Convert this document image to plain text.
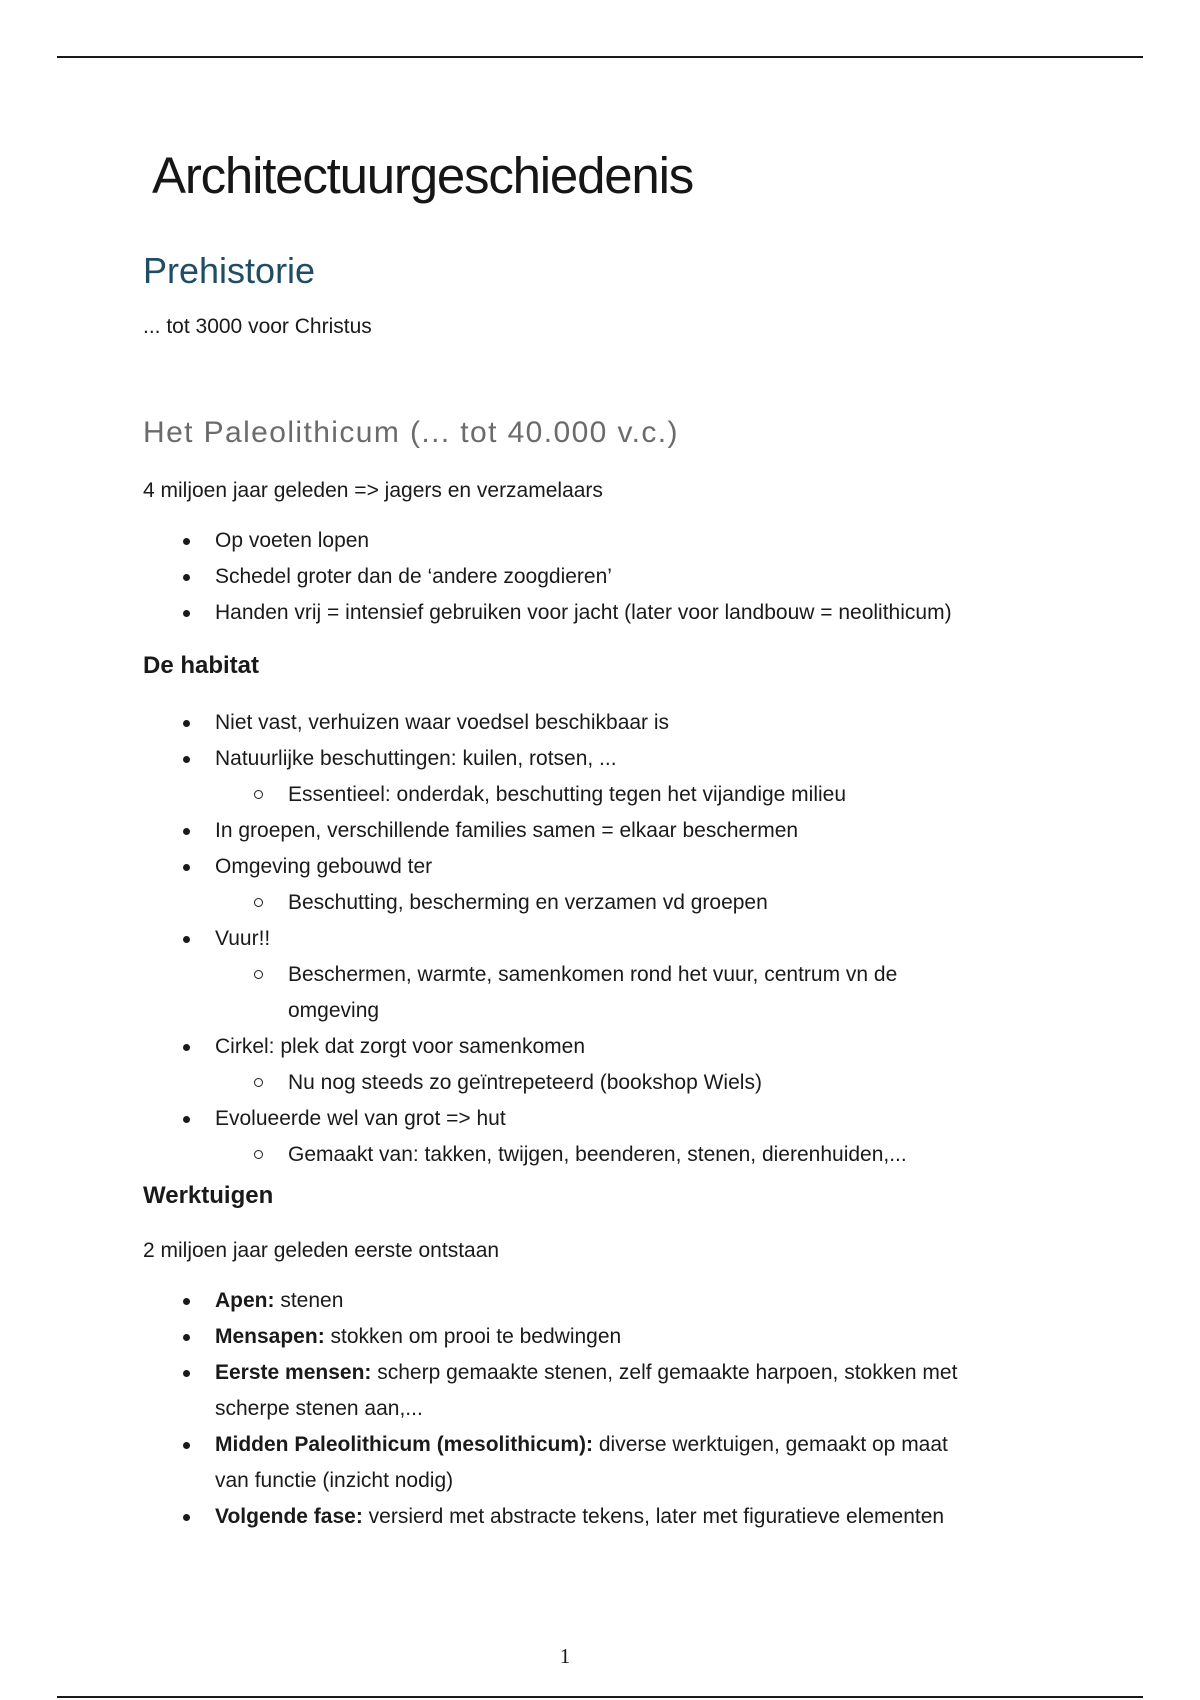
Architectuurgeschiedenis
Prehistorie

... tot 3000 voor Christus

Het Paleolithicum (... tot 40.000 v.c.)

4 miljoen jaar geleden => jagers en verzamelaars

Op voeten lopen
Schedel groter dan de ‘andere zoogdieren’
Handen vrij = intensief gebruiken voor jacht (later voor landbouw = neolithicum)
De habitat
Niet vast, verhuizen waar voedsel beschikbaar is
Natuurlijke beschuttingen: kuilen, rotsen, ...
Essentieel: onderdak, beschutting tegen het vijandige milieu
In groepen, verschillende families samen = elkaar beschermen
Omgeving gebouwd ter
Beschutting, bescherming en verzamen vd groepen
Vuur!!
Beschermen, warmte, samenkomen rond het vuur, centrum vn de
omgeving
Cirkel: plek dat zorgt voor samenkomen
Nu nog steeds zo geïntrepeteerd (bookshop Wiels)
Evolueerde wel van grot => hut
Gemaakt van: takken, twijgen, beenderen, stenen, dierenhuiden,...
Werktuigen

2 miljoen jaar geleden eerste ontstaan

Apen: stenen
Mensapen: stokken om prooi te bedwingen
Eerste mensen: scherp gemaakte stenen, zelf gemaakte harpoen, stokken met
scherpe stenen aan,...
Midden Paleolithicum (mesolithicum): diverse werktuigen, gemaakt op maat
van functie (inzicht nodig)
Volgende fase: versierd met abstracte tekens, later met figuratieve elementen
1
